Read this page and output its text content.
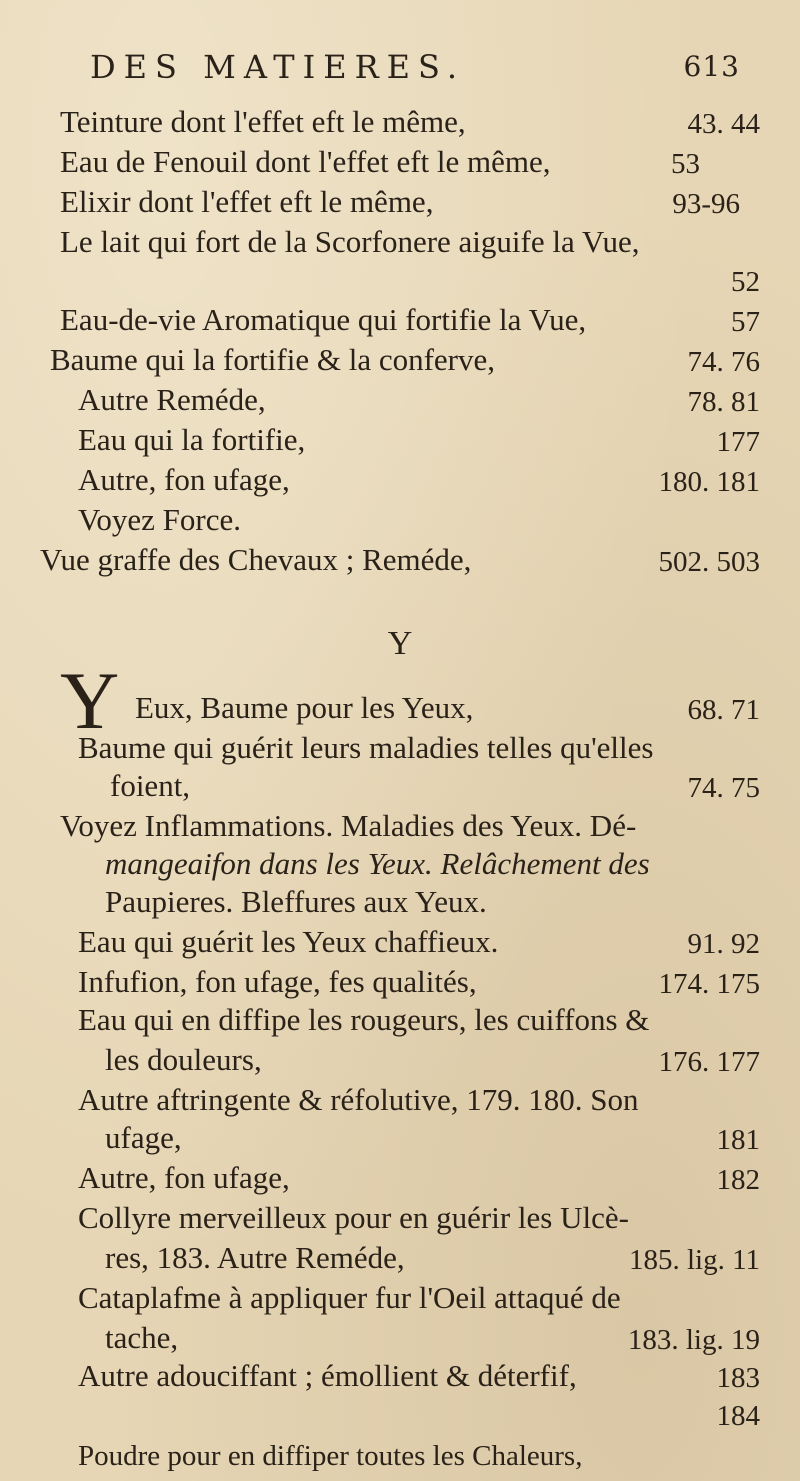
DES MATIERES.	613
Teinture dont l'effet eft le même,	43. 44
Eau de Fenouil dont l'effet eft le même,	53
Elixir dont l'effet eft le même,	93-96
Le lait qui fort de la Scorfonere aiguife la Vue,
52
Eau-de-vie Aromatique qui fortifie la Vue,	57
Baume qui la fortifie & la conferve,	74. 76
Autre Reméde,	78. 81
Eau qui la fortifie,	177
Autre, fon ufage,	180. 181
Voyez Force.
Vue graffe des Chevaux ; Reméde,	502. 503
Y
Y Eux, Baume pour les Yeux,	68. 71
Baume qui guérit leurs maladies telles qu'elles
foient,	74. 75
Voyez Inflammations. Maladies des Yeux. Dé-
mangeaifon dans les Yeux. Relâchement des
Paupieres. Bleffures aux Yeux.
Eau qui guérit les Yeux chaffieux.	91. 92
Infufion, fon ufage, fes qualités,	174. 175
Eau qui en diffipe les rougeurs, les cuiffons &
les douleurs,	176. 177
Autre aftringente & réfolutive, 179. 180. Son
ufage,	181
Autre, fon ufage,	182
Collyre merveilleux pour en guérir les Ulcè-
res, 183. Autre Reméde,	185. lig. 11
Cataplafme à appliquer fur l'Oeil attaqué de
tache,	183. lig. 19
Autre adouciffant ; émollient & déterfif,	183
184
Poudre pour en diffiper toutes les Chaleurs,
